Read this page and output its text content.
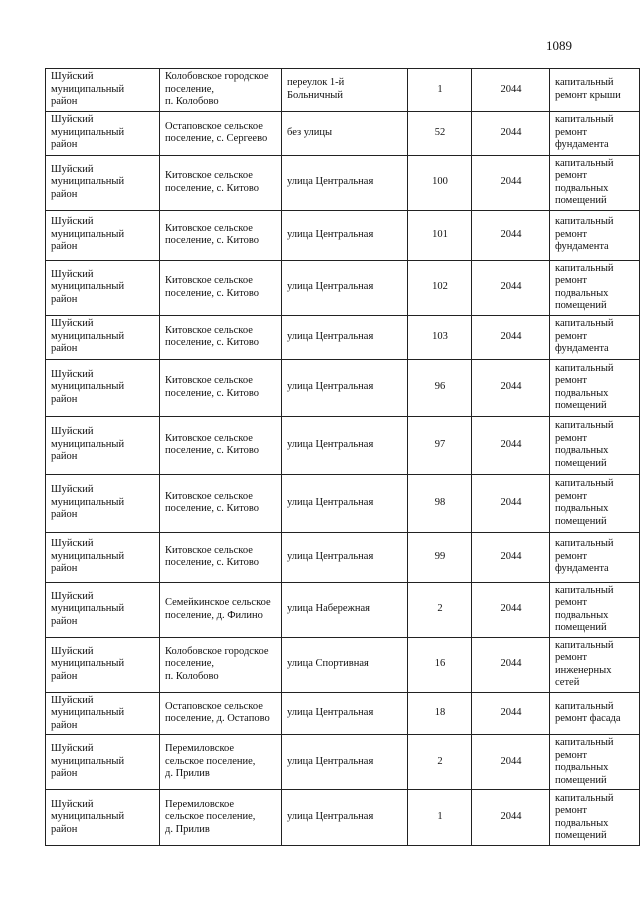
1089
Шуйский
муниципальный
район	Колобовское городское
поселение,
п. Колобово	переулок 1-й
Больничный	1	2044	капитальный
ремонт крыши
Шуйский
муниципальный
район	Остаповское сельское
поселение, с. Сергеево	без улицы	52	2044	капитальный
ремонт
фундамента
Шуйский
муниципальный
район	Китовское сельское
поселение, с. Китово	улица Центральная	100	2044	капитальный
ремонт
подвальных
помещений
Шуйский
муниципальный
район	Китовское сельское
поселение, с. Китово	улица Центральная	101	2044	капитальный
ремонт
фундамента
Шуйский
муниципальный
район	Китовское сельское
поселение, с. Китово	улица Центральная	102	2044	капитальный
ремонт
подвальных
помещений
Шуйский
муниципальный
район	Китовское сельское
поселение, с. Китово	улица Центральная	103	2044	капитальный
ремонт
фундамента
Шуйский
муниципальный
район	Китовское сельское
поселение, с. Китово	улица Центральная	96	2044	капитальный
ремонт
подвальных
помещений
Шуйский
муниципальный
район	Китовское сельское
поселение, с. Китово	улица Центральная	97	2044	капитальный
ремонт
подвальных
помещений
Шуйский
муниципальный
район	Китовское сельское
поселение, с. Китово	улица Центральная	98	2044	капитальный
ремонт
подвальных
помещений
Шуйский
муниципальный
район	Китовское сельское
поселение, с. Китово	улица Центральная	99	2044	капитальный
ремонт
фундамента
Шуйский
муниципальный
район	Семейкинское сельское
поселение, д. Филино	улица Набережная	2	2044	капитальный
ремонт
подвальных
помещений
Шуйский
муниципальный
район	Колобовское городское
поселение,
п. Колобово	улица Спортивная	16	2044	капитальный
ремонт
инженерных
сетей
Шуйский
муниципальный
район	Остаповское сельское
поселение, д. Остапово	улица Центральная	18	2044	капитальный
ремонт фасада
Шуйский
муниципальный
район	Перемиловское
сельское поселение,
д. Прилив	улица Центральная	2	2044	капитальный
ремонт
подвальных
помещений
Шуйский
муниципальный
район	Перемиловское
сельское поселение,
д. Прилив	улица Центральная	1	2044	капитальный
ремонт
подвальных
помещений
